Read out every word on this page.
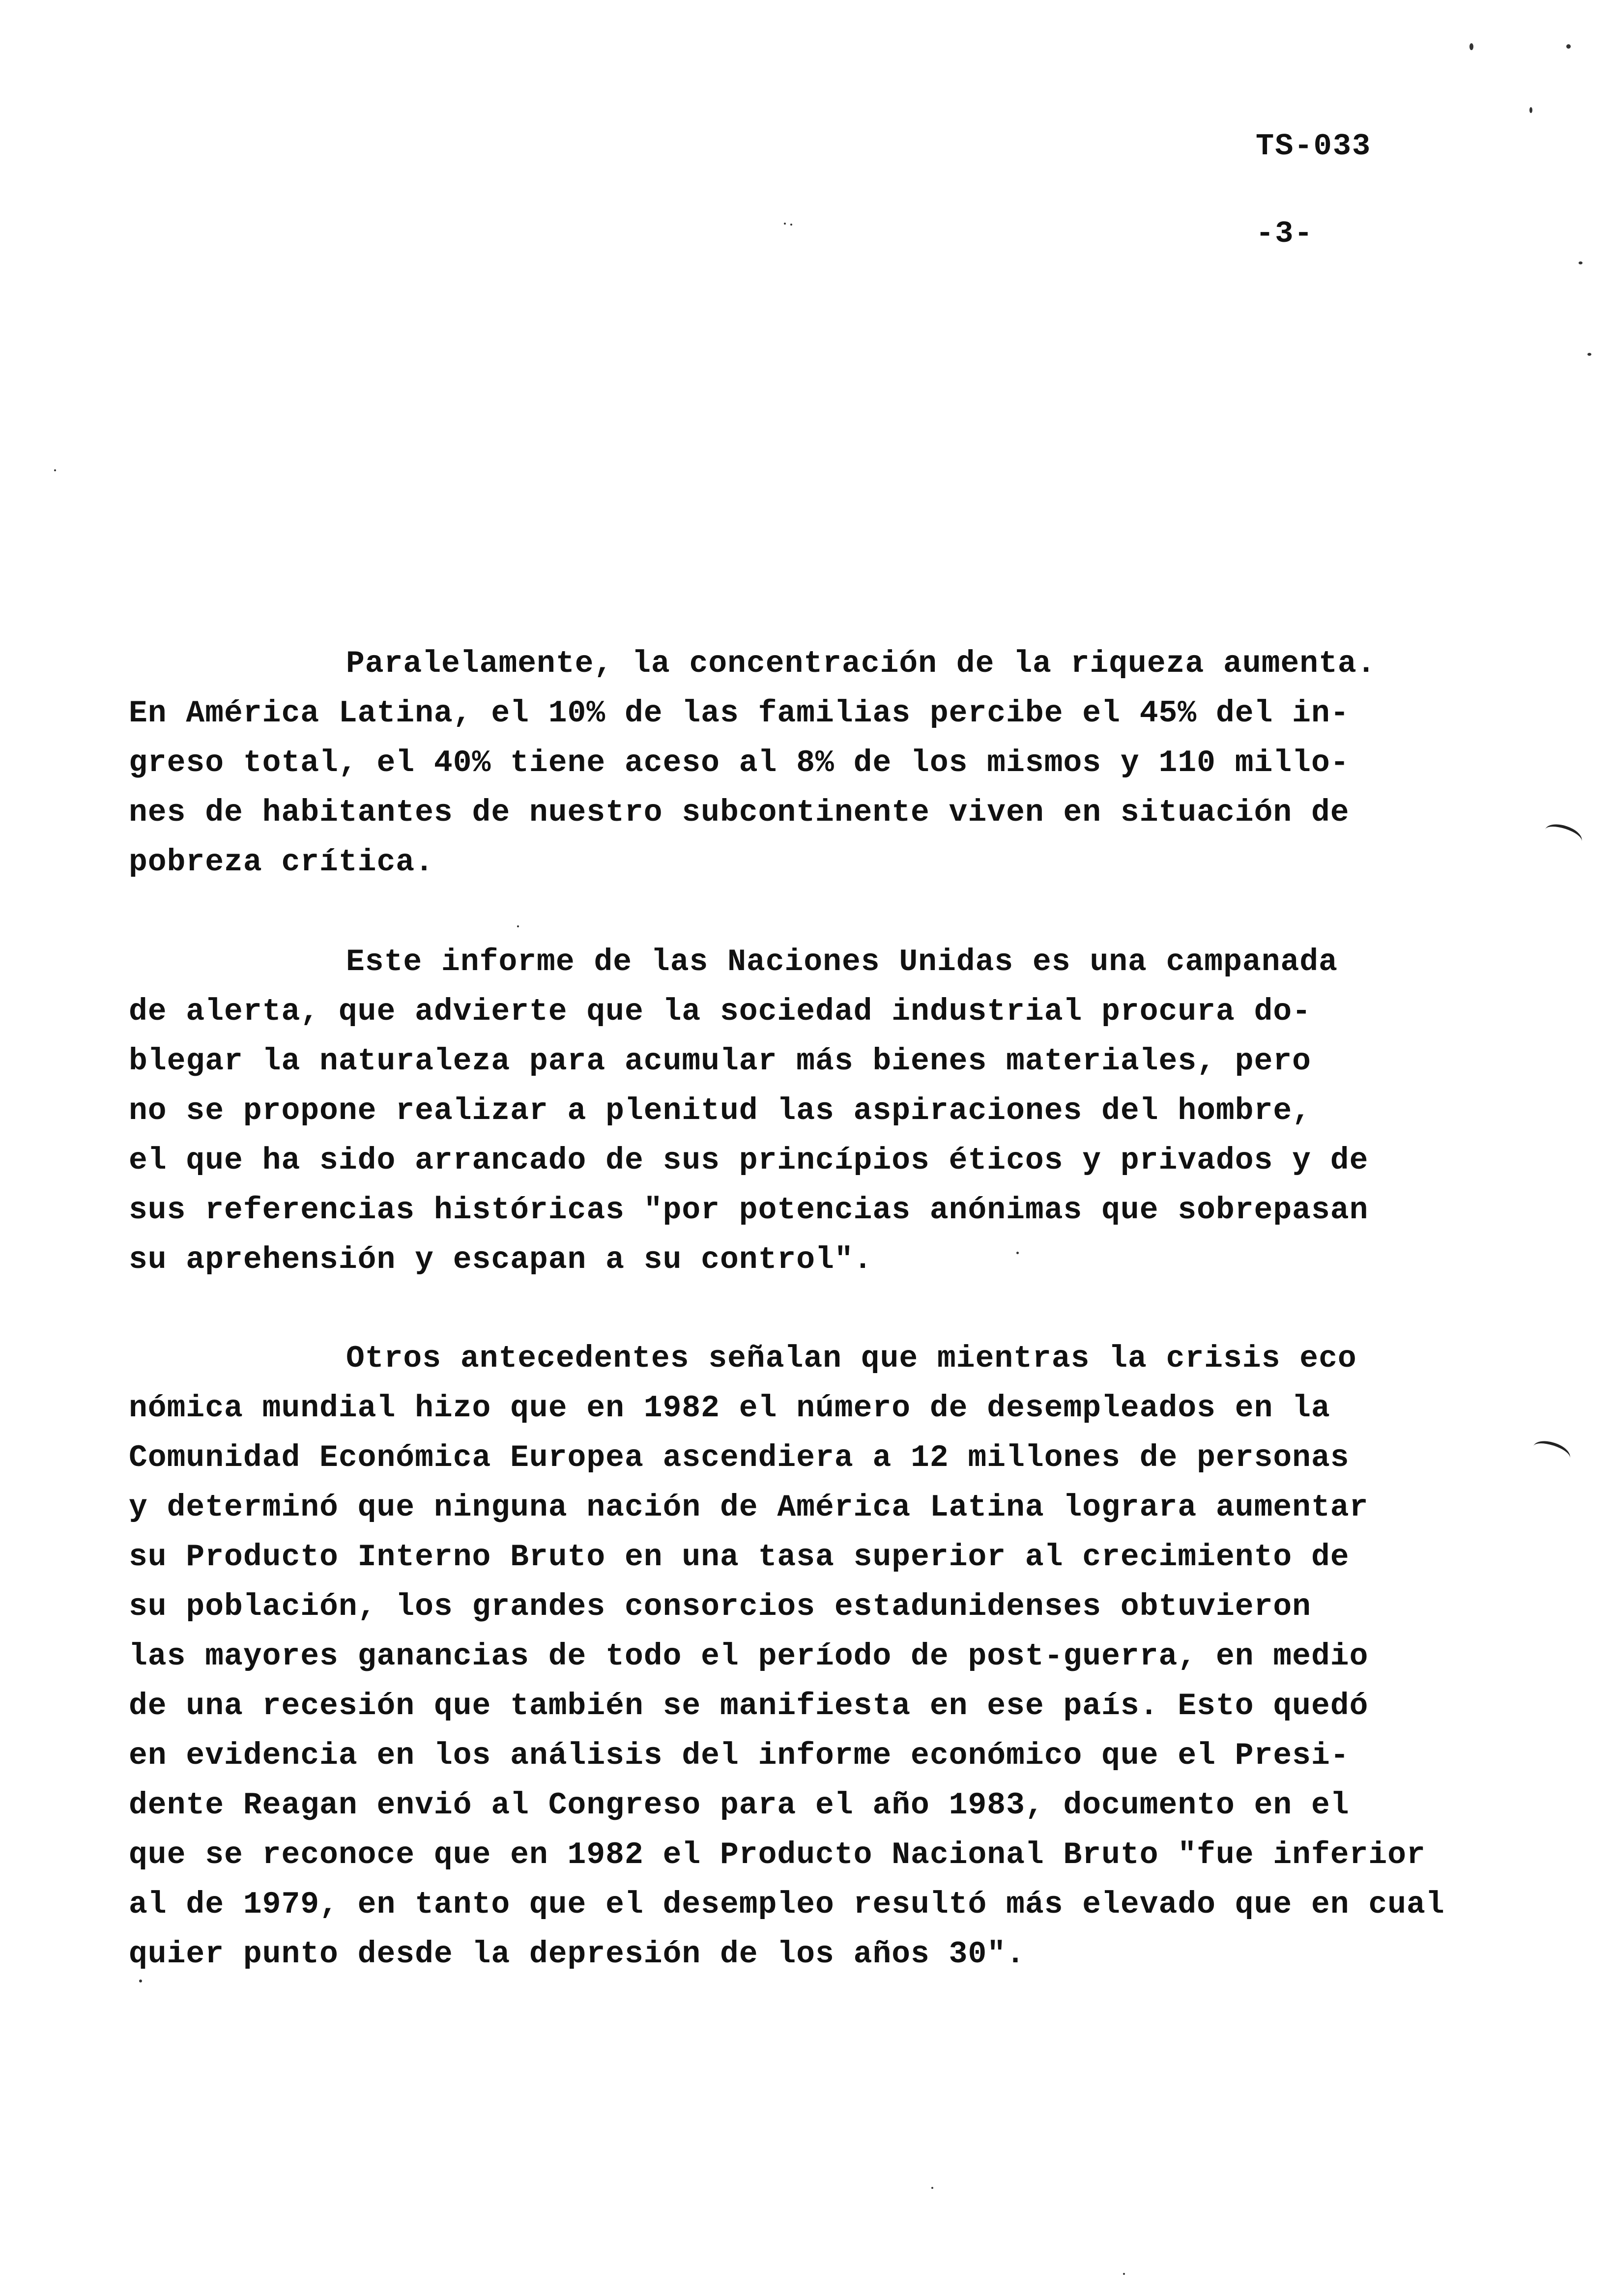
TS-033
-3-
Paralelamente, la concentración de la riqueza aumenta.
En América Latina, el 10% de las familias percibe el 45% del in-
greso total, el 40% tiene aceso al 8% de los mismos y 110 millo-
nes de habitantes de nuestro subcontinente viven en situación de
pobreza crítica.
Este informe de las Naciones Unidas es una campanada
de alerta, que advierte que la sociedad industrial procura do-
blegar la naturaleza para acumular más bienes materiales, pero
no se propone realizar a plenitud las aspiraciones del hombre,
el que ha sido arrancado de sus princípios éticos y privados y de
sus referencias históricas "por potencias anónimas que sobrepasan
su aprehensión y escapan a su control".
Otros antecedentes señalan que mientras la crisis eco
nómica mundial hizo que en 1982 el número de desempleados en la
Comunidad Económica Europea ascendiera a 12 millones de personas
y determinó que ninguna nación de América Latina lograra aumentar
su Producto Interno Bruto en una tasa superior al crecimiento de
su población, los grandes consorcios estadunidenses obtuvieron
las mayores ganancias de todo el período de post-guerra, en medio
de una recesión que también se manifiesta en ese país. Esto quedó
en evidencia en los análisis del informe económico que el Presi-
dente Reagan envió al Congreso para el año 1983, documento en el
que se reconoce que en 1982 el Producto Nacional Bruto "fue inferior
al de 1979, en tanto que el desempleo resultó más elevado que en cual
quier punto desde la depresión de los años 30".
